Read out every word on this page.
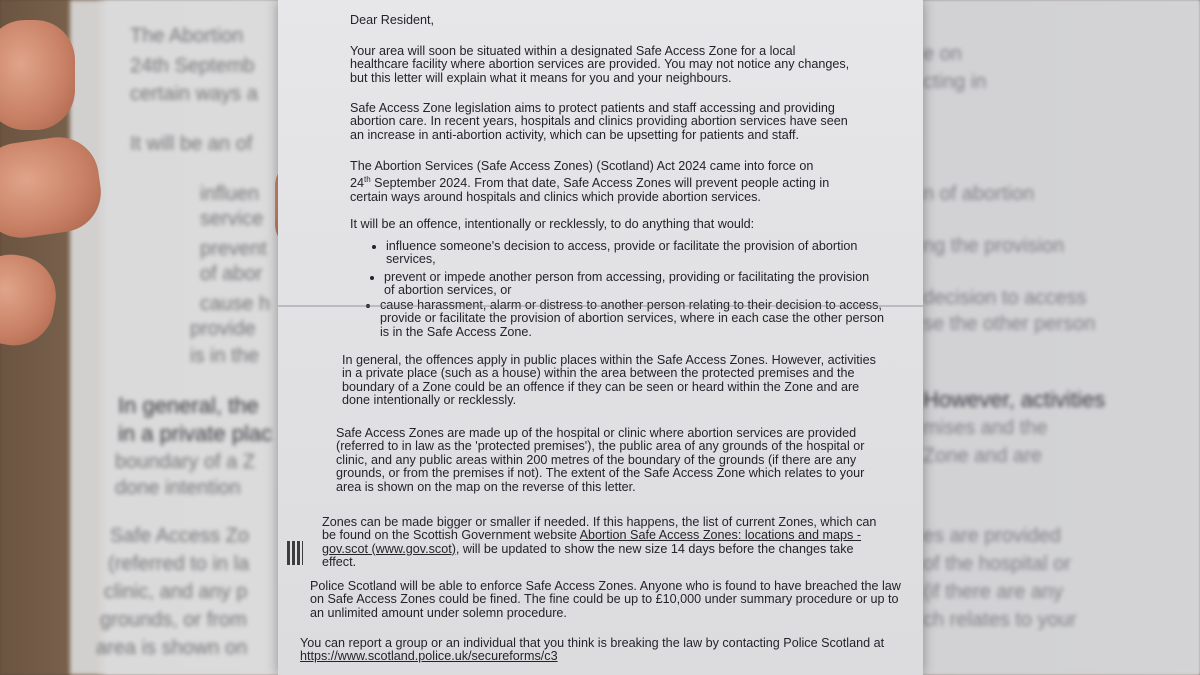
The Abortion
24th Septemb
certain ways a
It will be an of
influen
service
prevent
of abor
cause h
provide
is in the
In general, the
in a private plac
boundary of a Z
done intention
Safe Access Zo
(referred to in la
clinic, and any p
grounds, or from
area is shown on
e on
cting in
n of abortion
ng the provision
decision to access
se the other person
However, activities
mises and the
Zone and are
es are provided
of the hospital or
(if there are any
ch relates to your

Dear Resident,

Your area will soon be situated within a designated Safe Access Zone for a local healthcare facility where abortion services are provided. You may not notice any changes, but this letter will explain what it means for you and your neighbours.

Safe Access Zone legislation aims to protect patients and staff accessing and providing abortion care. In recent years, hospitals and clinics providing abortion services have seen an increase in anti-abortion activity, which can be upsetting for patients and staff.

The Abortion Services (Safe Access Zones) (Scotland) Act 2024 came into force on
24th September 2024. From that date, Safe Access Zones will prevent people acting in
certain ways around hospitals and clinics which provide abortion services.

It will be an offence, intentionally or recklessly, to do anything that would:

influence someone's decision to access, provide or facilitate the provision of abortion services,
prevent or impede another person from accessing, providing or facilitating the provision of abortion services, or
cause harassment, alarm or distress to another person relating to their decision to access, provide or facilitate the provision of abortion services, where in each case the other person is in the Safe Access Zone.

In general, the offences apply in public places within the Safe Access Zones. However, activities in a private place (such as a house) within the area between the protected premises and the boundary of a Zone could be an offence if they can be seen or heard within the Zone and are done intentionally or recklessly.

Safe Access Zones are made up of the hospital or clinic where abortion services are provided (referred to in law as the 'protected premises'), the public area of any grounds of the hospital or clinic, and any public areas within 200 metres of the boundary of the grounds (if there are any grounds, or from the premises if not). The extent of the Safe Access Zone which relates to your area is shown on the map on the reverse of this letter.

Zones can be made bigger or smaller if needed. If this happens, the list of current Zones, which can be found on the Scottish Government website Abortion Safe Access Zones: locations and maps - gov.scot (www.gov.scot), will be updated to show the new size 14 days before the changes take effect.

Police Scotland will be able to enforce Safe Access Zones. Anyone who is found to have breached the law on Safe Access Zones could be fined. The fine could be up to £10,000 under summary procedure or up to an unlimited amount under solemn procedure.

You can report a group or an individual that you think is breaking the law by contacting Police Scotland at https://www.scotland.police.uk/secureforms/c3
